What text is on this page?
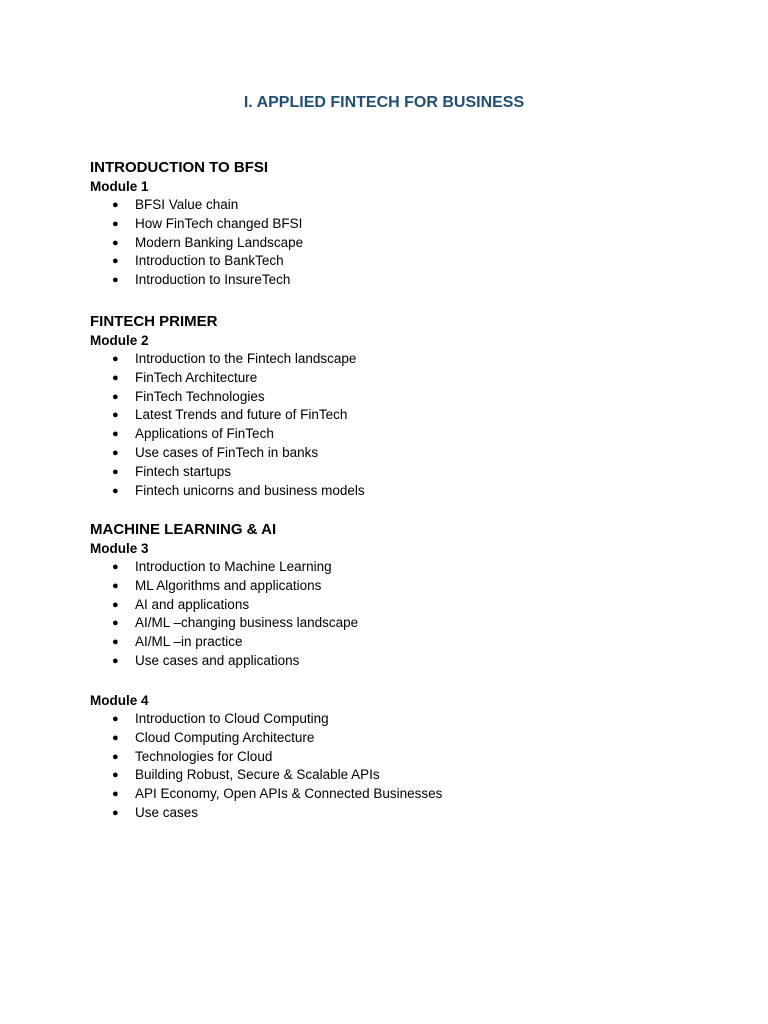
I. APPLIED FINTECH FOR BUSINESS
INTRODUCTION TO BFSI
Module 1
● BFSI Value chain
● How FinTech changed BFSI
● Modern Banking Landscape
● Introduction to BankTech
● Introduction to InsureTech
FINTECH PRIMER
Module 2
● Introduction to the Fintech landscape
● FinTech Architecture
● FinTech Technologies
● Latest Trends and future of FinTech
● Applications of FinTech
● Use cases of FinTech in banks
● Fintech startups
● Fintech unicorns and business models
MACHINE LEARNING & AI
Module 3
● Introduction to Machine Learning
● ML Algorithms and applications
● AI and applications
● AI/ML –changing business landscape
● AI/ML –in practice
● Use cases and applications
Module 4
● Introduction to Cloud Computing
● Cloud Computing Architecture
● Technologies for Cloud
● Building Robust, Secure & Scalable APIs
● API Economy, Open APIs & Connected Businesses
● Use cases
